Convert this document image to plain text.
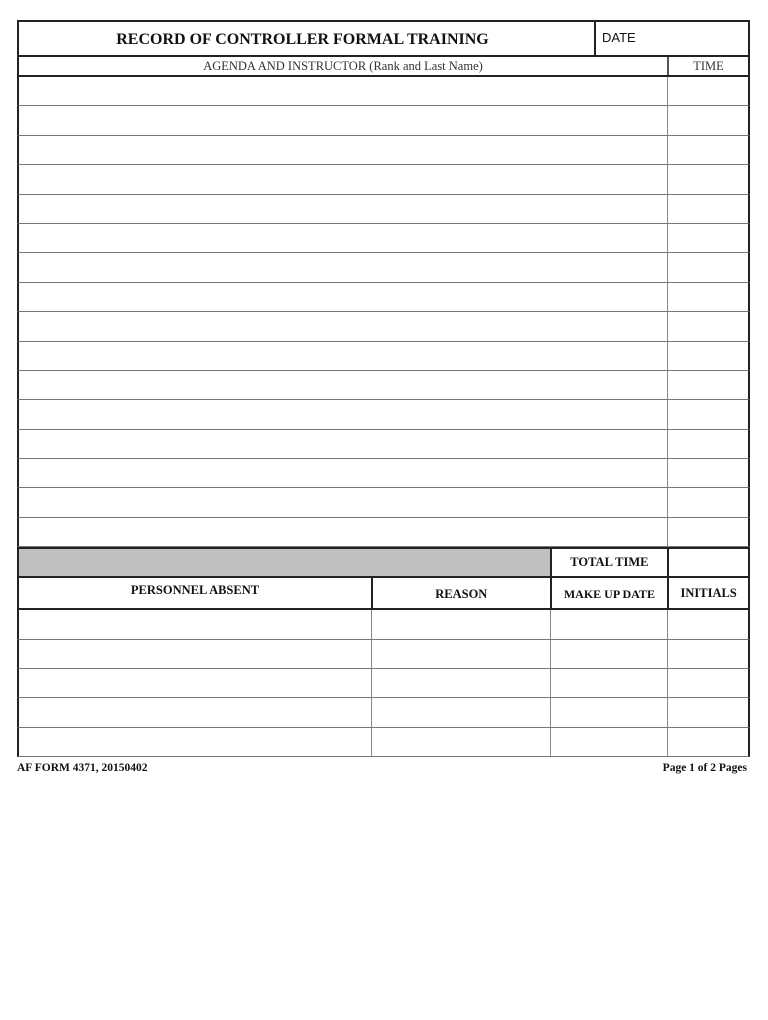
RECORD OF CONTROLLER FORMAL TRAINING	DATE
AGENDA AND INSTRUCTOR (Rank and Last Name)	TIME
TOTAL TIME
PERSONNEL ABSENT	REASON	MAKE UP DATE	INITIALS
AF FORM 4371, 20150402	Page 1 of 2 Pages
